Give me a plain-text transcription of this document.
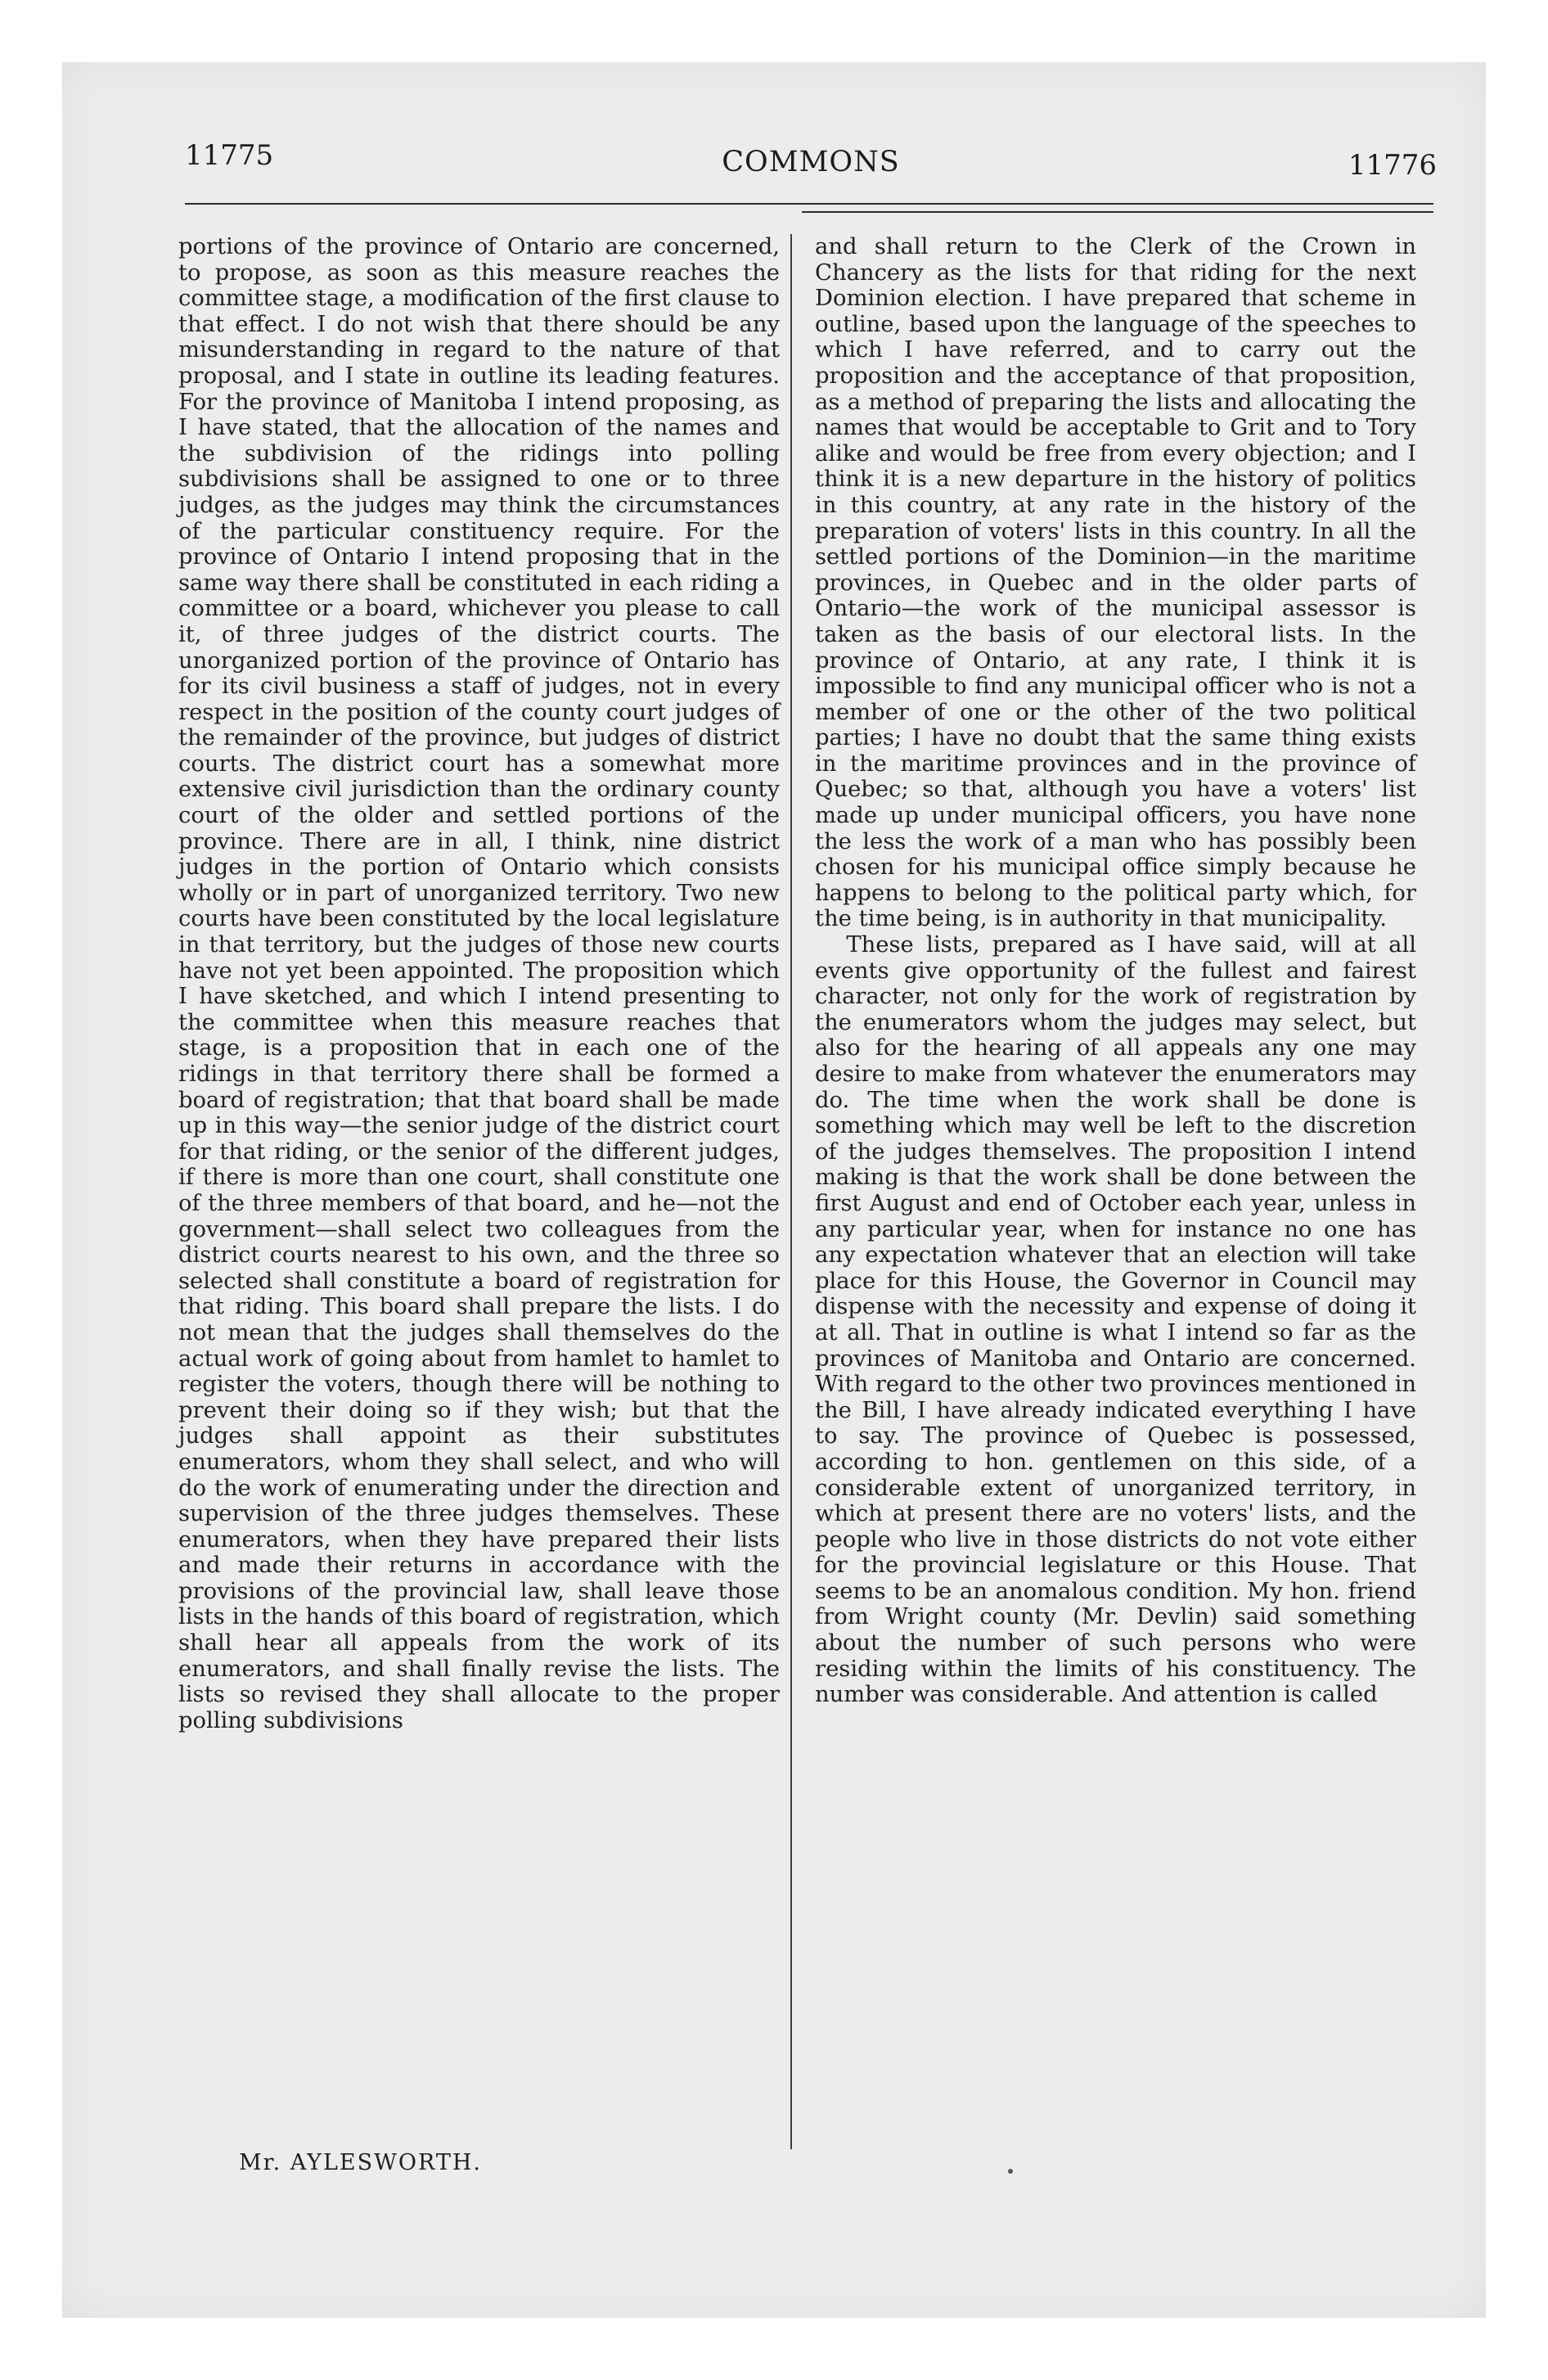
11775	COMMONS	11776

portions of the province of Ontario are concerned, to propose, as soon as this measure reaches the committee stage, a modification of the first clause to that effect. I do not wish that there should be any misunderstanding in regard to the nature of that proposal, and I state in outline its leading features. For the province of Manitoba I intend proposing, as I have stated, that the allocation of the names and the subdivision of the ridings into polling subdivisions shall be assigned to one or to three judges, as the judges may think the circumstances of the particular constituency require. For the province of Ontario I intend proposing that in the same way there shall be constituted in each riding a committee or a board, whichever you please to call it, of three judges of the district courts. The unorganized portion of the province of Ontario has for its civil business a staff of judges, not in every respect in the position of the county court judges of the remainder of the province, but judges of district courts. The district court has a somewhat more extensive civil jurisdiction than the ordinary county court of the older and settled portions of the province. There are in all, I think, nine district judges in the portion of Ontario which consists wholly or in part of unorganized territory. Two new courts have been constituted by the local legislature in that territory, but the judges of those new courts have not yet been appointed. The proposition which I have sketched, and which I intend presenting to the committee when this measure reaches that stage, is a proposition that in each one of the ridings in that territory there shall be formed a board of registration; that that board shall be made up in this way—the senior judge of the district court for that riding, or the senior of the different judges, if there is more than one court, shall constitute one of the three members of that board, and he—not the government—shall select two colleagues from the district courts nearest to his own, and the three so selected shall constitute a board of registration for that riding. This board shall prepare the lists. I do not mean that the judges shall themselves do the actual work of going about from hamlet to hamlet to register the voters, though there will be nothing to prevent their doing so if they wish; but that the judges shall appoint as their substitutes enumerators, whom they shall select, and who will do the work of enumerating under the direction and supervision of the three judges themselves. These enumerators, when they have prepared their lists and made their returns in accordance with the provisions of the provincial law, shall leave those lists in the hands of this board of registration, which shall hear all appeals from the work of its enumerators, and shall finally revise the lists. The lists so revised they shall allocate to the proper polling subdivisions

and shall return to the Clerk of the Crown in Chancery as the lists for that riding for the next Dominion election. I have prepared that scheme in outline, based upon the language of the speeches to which I have referred, and to carry out the proposition and the acceptance of that proposition, as a method of preparing the lists and allocating the names that would be acceptable to Grit and to Tory alike and would be free from every objection; and I think it is a new departure in the history of politics in this country, at any rate in the history of the preparation of voters' lists in this country. In all the settled portions of the Dominion—in the maritime provinces, in Quebec and in the older parts of Ontario—the work of the municipal assessor is taken as the basis of our electoral lists. In the province of Ontario, at any rate, I think it is impossible to find any municipal officer who is not a member of one or the other of the two political parties; I have no doubt that the same thing exists in the maritime provinces and in the province of Quebec; so that, although you have a voters' list made up under municipal officers, you have none the less the work of a man who has possibly been chosen for his municipal office simply because he happens to belong to the political party which, for the time being, is in authority in that municipality.

These lists, prepared as I have said, will at all events give opportunity of the fullest and fairest character, not only for the work of registration by the enumerators whom the judges may select, but also for the hearing of all appeals any one may desire to make from whatever the enumerators may do. The time when the work shall be done is something which may well be left to the discretion of the judges themselves. The proposition I intend making is that the work shall be done between the first August and end of October each year, unless in any particular year, when for instance no one has any expectation whatever that an election will take place for this House, the Governor in Council may dispense with the necessity and expense of doing it at all. That in outline is what I intend so far as the provinces of Manitoba and Ontario are concerned. With regard to the other two provinces mentioned in the Bill, I have already indicated everything I have to say. The province of Quebec is possessed, according to hon. gentlemen on this side, of a considerable extent of unorganized territory, in which at present there are no voters' lists, and the people who live in those districts do not vote either for the provincial legislature or this House. That seems to be an anomalous condition. My hon. friend from Wright county (Mr. Devlin) said something about the number of such persons who were residing within the limits of his constituency. The number was considerable. And attention is called

Mr. AYLESWORTH.
